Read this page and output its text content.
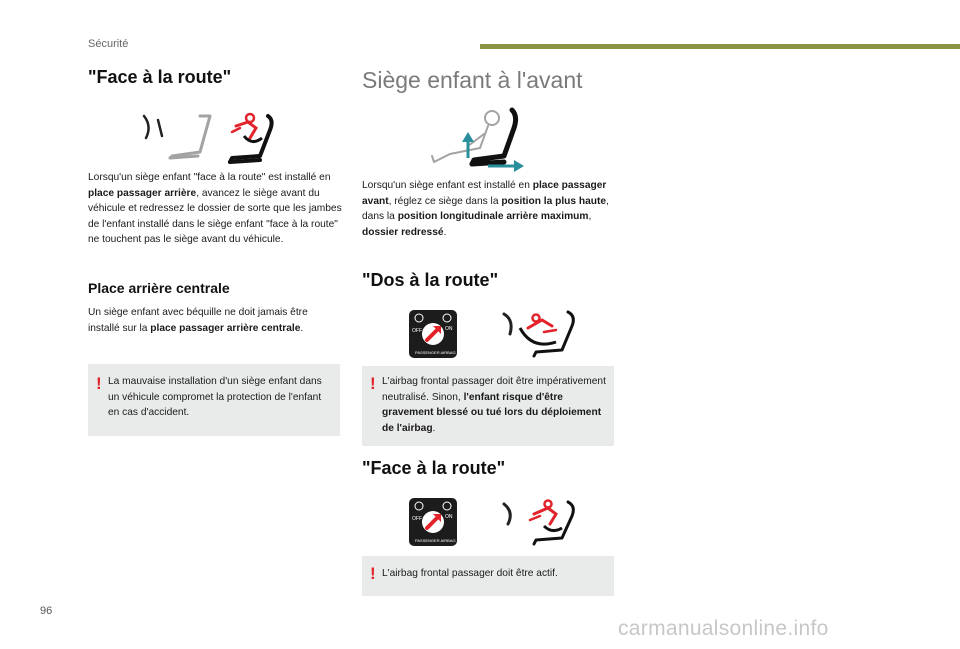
Sécurité
"Face à la route"
Lorsqu'un siège enfant "face à la route" est installé en place passager arrière, avancez le siège avant du véhicule et redressez le dossier de sorte que les jambes de l'enfant installé dans le siège enfant "face à la route" ne touchent pas le siège avant du véhicule.
Place arrière centrale
Un siège enfant avec béquille ne doit jamais être installé sur la place passager arrière centrale.
! La mauvaise installation d'un siège enfant dans un véhicule compromet la protection de l'enfant en cas d'accident.
Siège enfant à l'avant
Lorsqu'un siège enfant est installé en place passager avant, réglez ce siège dans la position la plus haute, dans la position longitudinale arrière maximum, dossier redressé.
"Dos à la route"
OFF	ON
PASSENGER AIRBAG
! L'airbag frontal passager doit être impérativement neutralisé. Sinon, l'enfant risque d'être gravement blessé ou tué lors du déploiement de l'airbag.
"Face à la route"
OFF	ON
PASSENGER AIRBAG
! L'airbag frontal passager doit être actif.
96
carmanualsonline.info
